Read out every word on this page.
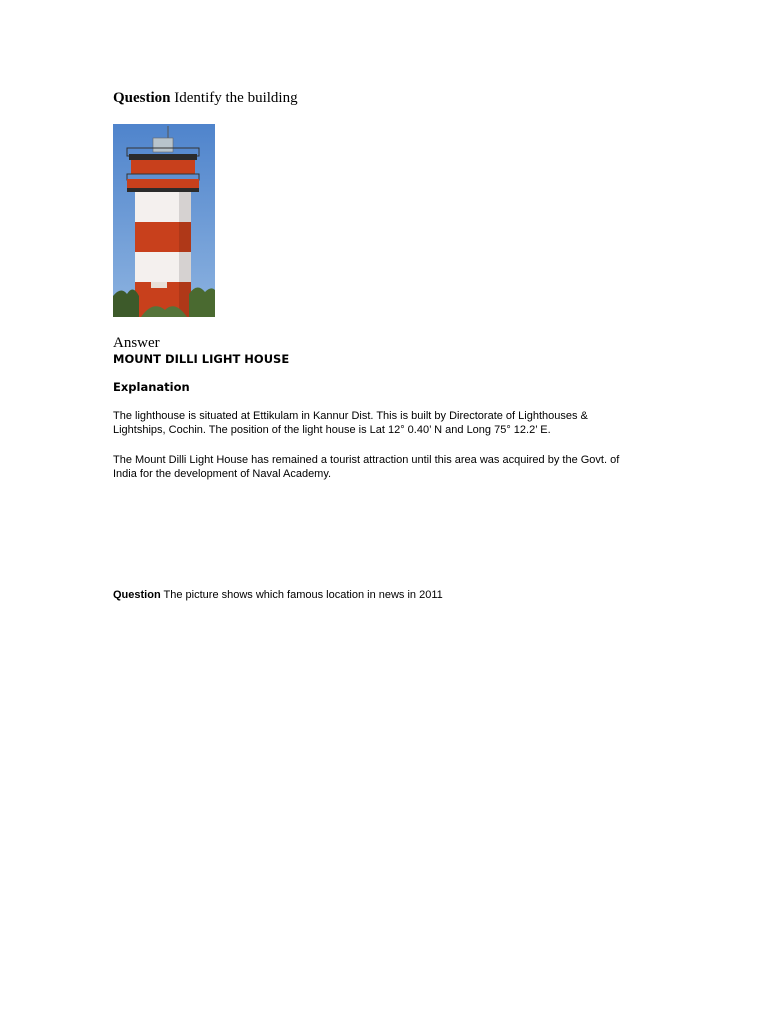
Question Identify the building
Answer
MOUNT DILLI LIGHT HOUSE
Explanation
The lighthouse is situated at Ettikulam in Kannur Dist. This is built by Directorate of Lighthouses &
Lightships, Cochin. The position of the light house is Lat 12° 0.40’ N and Long 75° 12.2’ E.
The Mount Dilli Light House has remained a tourist attraction until this area was acquired by the Govt. of
India for the development of Naval Academy.
Question The picture shows which famous location in news in 2011
